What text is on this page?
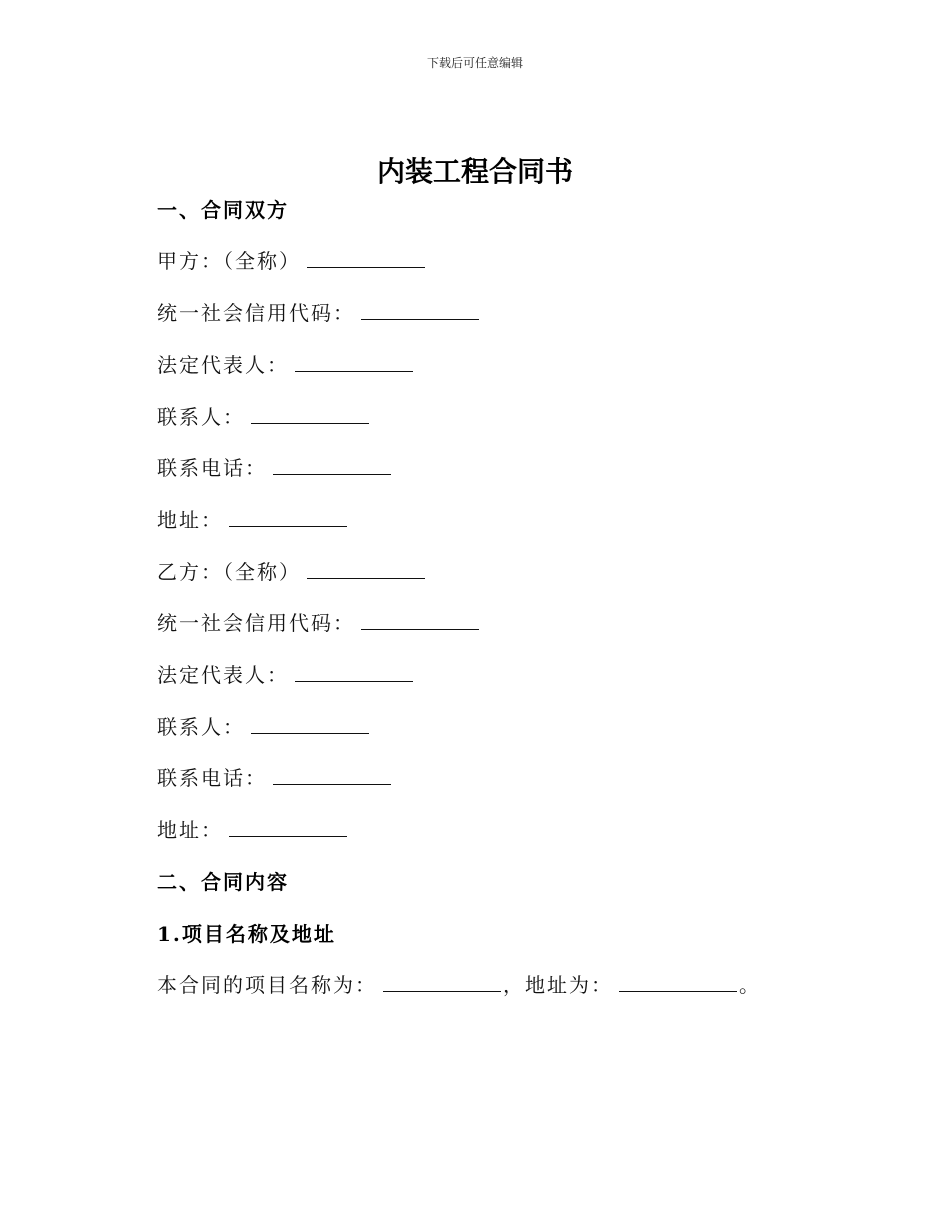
下载后可任意编辑
内装工程合同书
一、合同双方
甲方：（全称）
统一社会信用代码：
法定代表人：
联系人：
联系电话：
地址：
乙方：（全称）
统一社会信用代码：
法定代表人：
联系人：
联系电话：
地址：
二、合同内容
1.项目名称及地址
本合同的项目名称为：	，地址为：	。
